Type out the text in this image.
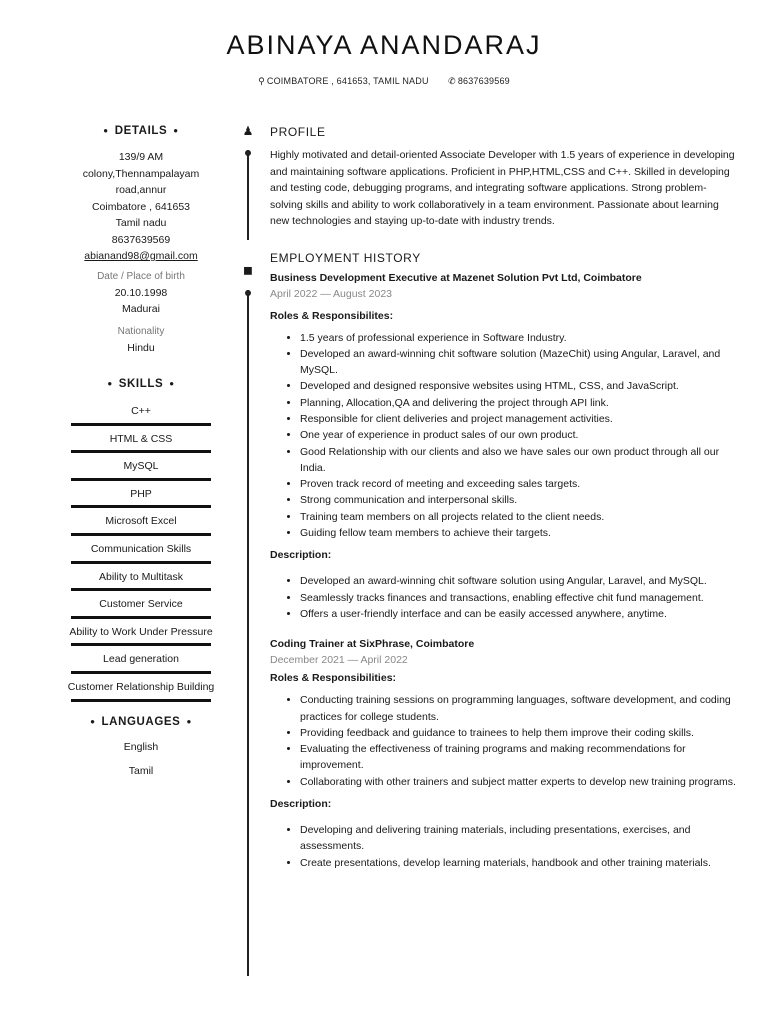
ABINAYA ANANDARAJ
⚲ COIMBATORE , 641653, TAMIL NADU ✆ 8637639569
● DETAILS ●
139/9 AM
colony,Thennampalayam
road,annur
Coimbatore , 641653
Tamil nadu
8637639569
abianand98@gmail.com
Date / Place of birth
20.10.1998
Madurai
Nationality
Hindu
● SKILLS ●
C++
HTML & CSS
MySQL
PHP
Microsoft Excel
Communication Skills
Ability to Multitask
Customer Service
Ability to Work Under Pressure
Lead generation
Customer Relationship Building
● LANGUAGES ●
English
Tamil
♟
◼
PROFILE

Highly motivated and detail-oriented Associate Developer with 1.5 years of experience in developing and maintaining software applications. Proficient in PHP,HTML,CSS and C++. Skilled in developing and testing code, debugging programs, and integrating software applications. Strong problem-solving skills and ability to work collaboratively in a team environment. Passionate about learning new technologies and staying up-to-date with industry trends.

EMPLOYMENT HISTORY
Business Development Executive at Mazenet Solution Pvt Ltd, Coimbatore
April 2022 — August 2023
Roles & Responsibilites:
• 1.5 years of professional experience in Software Industry.
• Developed an award-winning chit software solution (MazeChit) using Angular, Laravel, and MySQL.
• Developed and designed responsive websites using HTML, CSS, and JavaScript.
• Planning, Allocation,QA and delivering the project through API link.
• Responsible for client deliveries and project management activities.
• One year of experience in product sales of our own product.
• Good Relationship with our clients and also we have sales our own product through all our India.
• Proven track record of meeting and exceeding sales targets.
• Strong communication and interpersonal skills.
• Training team members on all projects related to the client needs.
• Guiding fellow team members to achieve their targets.
Description:
• Developed an award-winning chit software solution using Angular, Laravel, and MySQL.
• Seamlessly tracks finances and transactions, enabling effective chit fund management.
• Offers a user-friendly interface and can be easily accessed anywhere, anytime.
Coding Trainer at SixPhrase, Coimbatore
December 2021 — April 2022
Roles & Responsibilities:
• Conducting training sessions on programming languages, software development, and coding practices for college students.
• Providing feedback and guidance to trainees to help them improve their coding skills.
• Evaluating the effectiveness of training programs and making recommendations for improvement.
• Collaborating with other trainers and subject matter experts to develop new training programs.
Description:
• Developing and delivering training materials, including presentations, exercises, and assessments.
• Create presentations, develop learning materials, handbook and other training materials.
